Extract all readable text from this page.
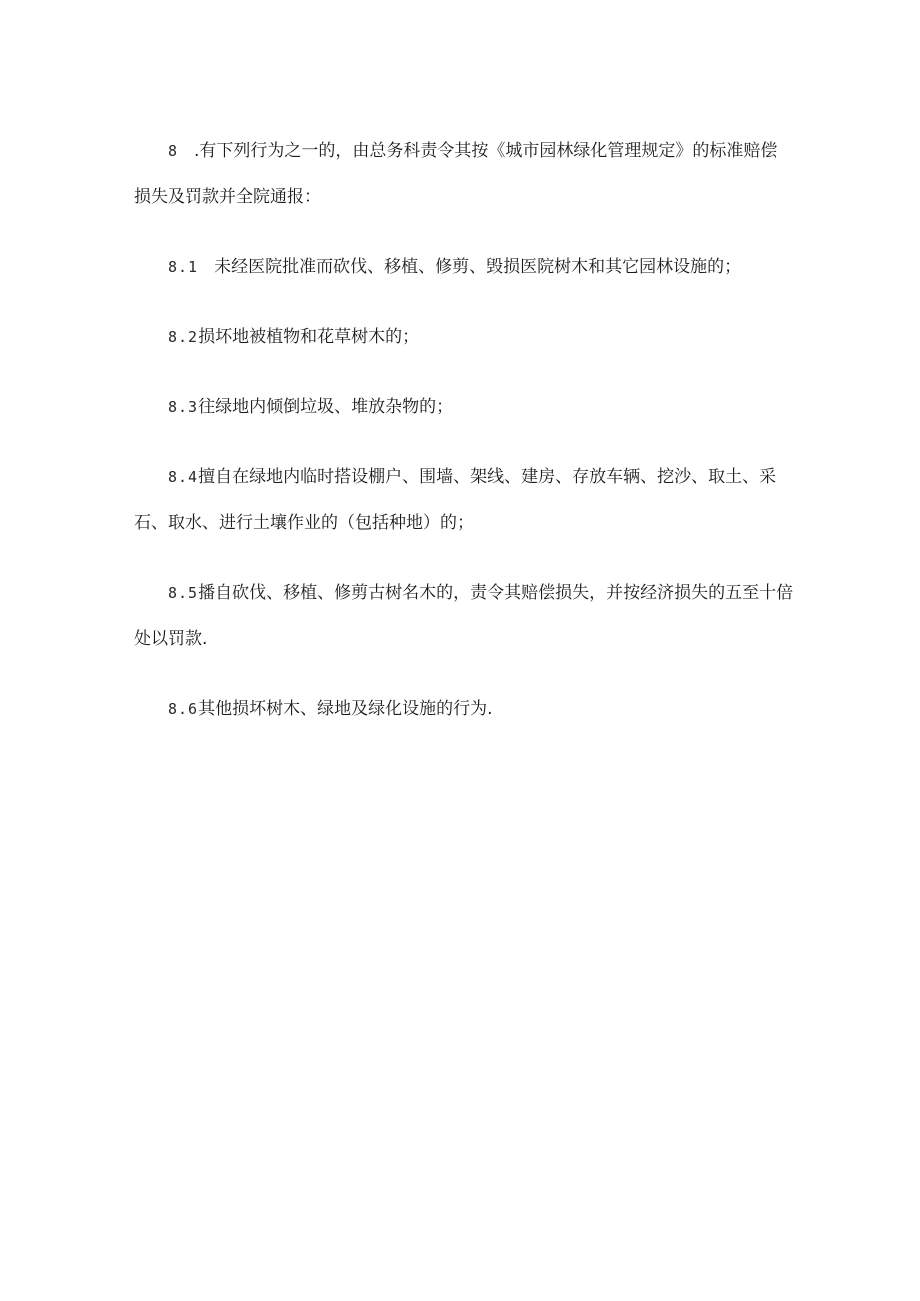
8　.有下列行为之一的，由总务科责令其按《城市园林绿化管理规定》的标准赔偿损失及罚款并全院通报：

8.1　未经医院批准而砍伐、移植、修剪、毁损医院树木和其它园林设施的；

8.2损坏地被植物和花草树木的；

8.3往绿地内倾倒垃圾、堆放杂物的；

8.4擅自在绿地内临时搭设棚户、围墙、架线、建房、存放车辆、挖沙、取土、采石、取水、进行土壤作业的（包括种地）的；

8.5播自砍伐、移植、修剪古树名木的，责令其赔偿损失，并按经济损失的五至十倍处以罚款.

8.6其他损坏树木、绿地及绿化设施的行为.
